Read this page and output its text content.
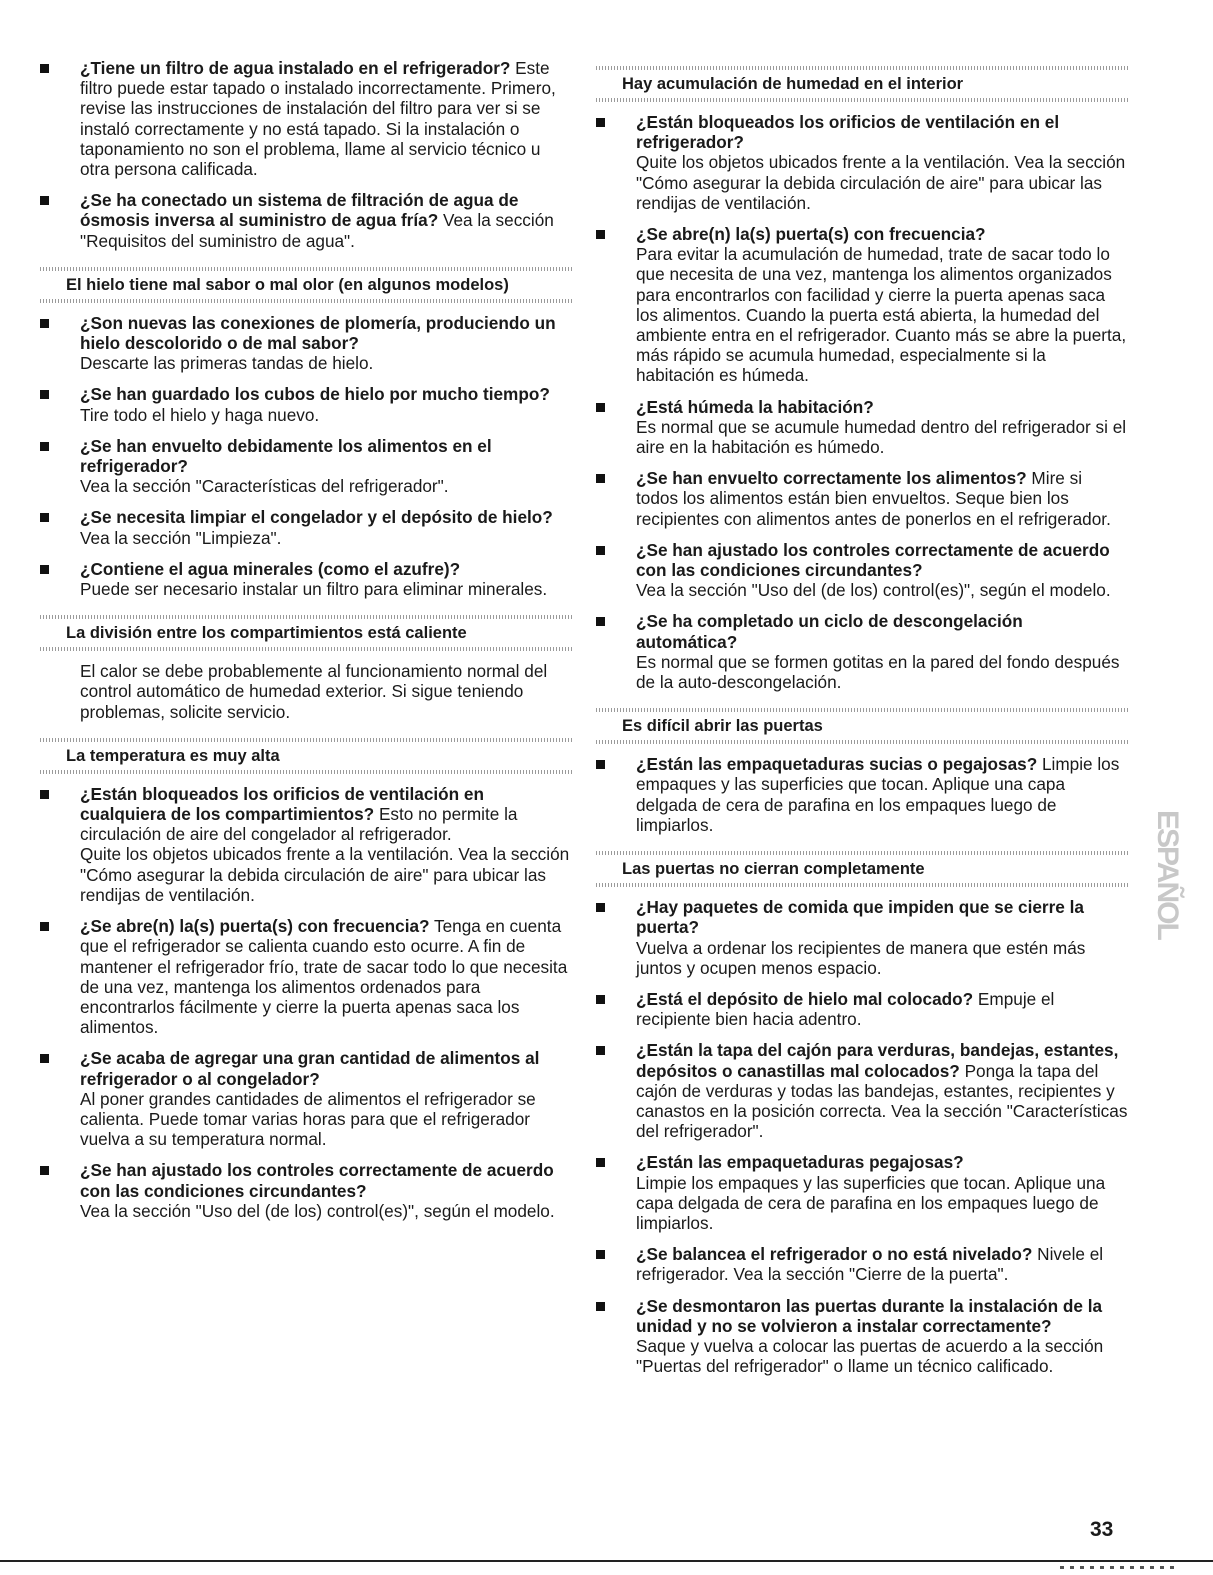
¿Tiene un filtro de agua instalado en el refrigerador? Este filtro puede estar tapado o instalado incorrectamente. Primero, revise las instrucciones de instalación del filtro para ver si se instaló correctamente y no está tapado. Si la instalación o taponamiento no son el problema, llame al servicio técnico u otra persona calificada.
¿Se ha conectado un sistema de filtración de agua de ósmosis inversa al suministro de agua fría? Vea la sección "Requisitos del suministro de agua".
El hielo tiene mal sabor o mal olor (en algunos modelos)
¿Son nuevas las conexiones de plomería, produciendo un hielo descolorido o de mal sabor?
Descarte las primeras tandas de hielo.
¿Se han guardado los cubos de hielo por mucho tiempo?
Tire todo el hielo y haga nuevo.
¿Se han envuelto debidamente los alimentos en el refrigerador?
Vea la sección "Características del refrigerador".
¿Se necesita limpiar el congelador y el depósito de hielo?
Vea la sección "Limpieza".
¿Contiene el agua minerales (como el azufre)?
Puede ser necesario instalar un filtro para eliminar minerales.
La división entre los compartimientos está caliente
El calor se debe probablemente al funcionamiento normal del control automático de humedad exterior. Si sigue teniendo problemas, solicite servicio.
La temperatura es muy alta
¿Están bloqueados los orificios de ventilación en cualquiera de los compartimientos? Esto no permite la circulación de aire del congelador al refrigerador.
Quite los objetos ubicados frente a la ventilación. Vea la sección "Cómo asegurar la debida circulación de aire" para ubicar las rendijas de ventilación.
¿Se abre(n) la(s) puerta(s) con frecuencia? Tenga en cuenta que el refrigerador se calienta cuando esto ocurre. A fin de mantener el refrigerador frío, trate de sacar todo lo que necesita de una vez, mantenga los alimentos ordenados para encontrarlos fácilmente y cierre la puerta apenas saca los alimentos.
¿Se acaba de agregar una gran cantidad de alimentos al refrigerador o al congelador?
Al poner grandes cantidades de alimentos el refrigerador se calienta. Puede tomar varias horas para que el refrigerador vuelva a su temperatura normal.
¿Se han ajustado los controles correctamente de acuerdo con las condiciones circundantes?
Vea la sección "Uso del (de los) control(es)", según el modelo.
Hay acumulación de humedad en el interior
¿Están bloqueados los orificios de ventilación en el refrigerador?
Quite los objetos ubicados frente a la ventilación. Vea la sección "Cómo asegurar la debida circulación de aire" para ubicar las rendijas de ventilación.
¿Se abre(n) la(s) puerta(s) con frecuencia?
Para evitar la acumulación de humedad, trate de sacar todo lo que necesita de una vez, mantenga los alimentos organizados para encontrarlos con facilidad y cierre la puerta apenas saca los alimentos. Cuando la puerta está abierta, la humedad del ambiente entra en el refrigerador. Cuanto más se abre la puerta, más rápido se acumula humedad, especialmente si la habitación es húmeda.
¿Está húmeda la habitación?
Es normal que se acumule humedad dentro del refrigerador si el aire en la habitación es húmedo.
¿Se han envuelto correctamente los alimentos? Mire si todos los alimentos están bien envueltos. Seque bien los recipientes con alimentos antes de ponerlos en el refrigerador.
¿Se han ajustado los controles correctamente de acuerdo con las condiciones circundantes?
Vea la sección "Uso del (de los) control(es)", según el modelo.
¿Se ha completado un ciclo de descongelación automática?
Es normal que se formen gotitas en la pared del fondo después de la auto-descongelación.
Es difícil abrir las puertas
¿Están las empaquetaduras sucias o pegajosas? Limpie los empaques y las superficies que tocan. Aplique una capa delgada de cera de parafina en los empaques luego de limpiarlos.
Las puertas no cierran completamente
¿Hay paquetes de comida que impiden que se cierre la puerta?
Vuelva a ordenar los recipientes de manera que estén más juntos y ocupen menos espacio.
¿Está el depósito de hielo mal colocado? Empuje el recipiente bien hacia adentro.
¿Están la tapa del cajón para verduras, bandejas, estantes, depósitos o canastillas mal colocados? Ponga la tapa del cajón de verduras y todas las bandejas, estantes, recipientes y canastos en la posición correcta. Vea la sección "Características del refrigerador".
¿Están las empaquetaduras pegajosas?
Limpie los empaques y las superficies que tocan. Aplique una capa delgada de cera de parafina en los empaques luego de limpiarlos.
¿Se balancea el refrigerador o no está nivelado? Nivele el refrigerador. Vea la sección "Cierre de la puerta".
¿Se desmontaron las puertas durante la instalación de la unidad y no se volvieron a instalar correctamente?
Saque y vuelva a colocar las puertas de acuerdo a la sección "Puertas del refrigerador" o llame un técnico calificado.
ESPAÑOL
33
